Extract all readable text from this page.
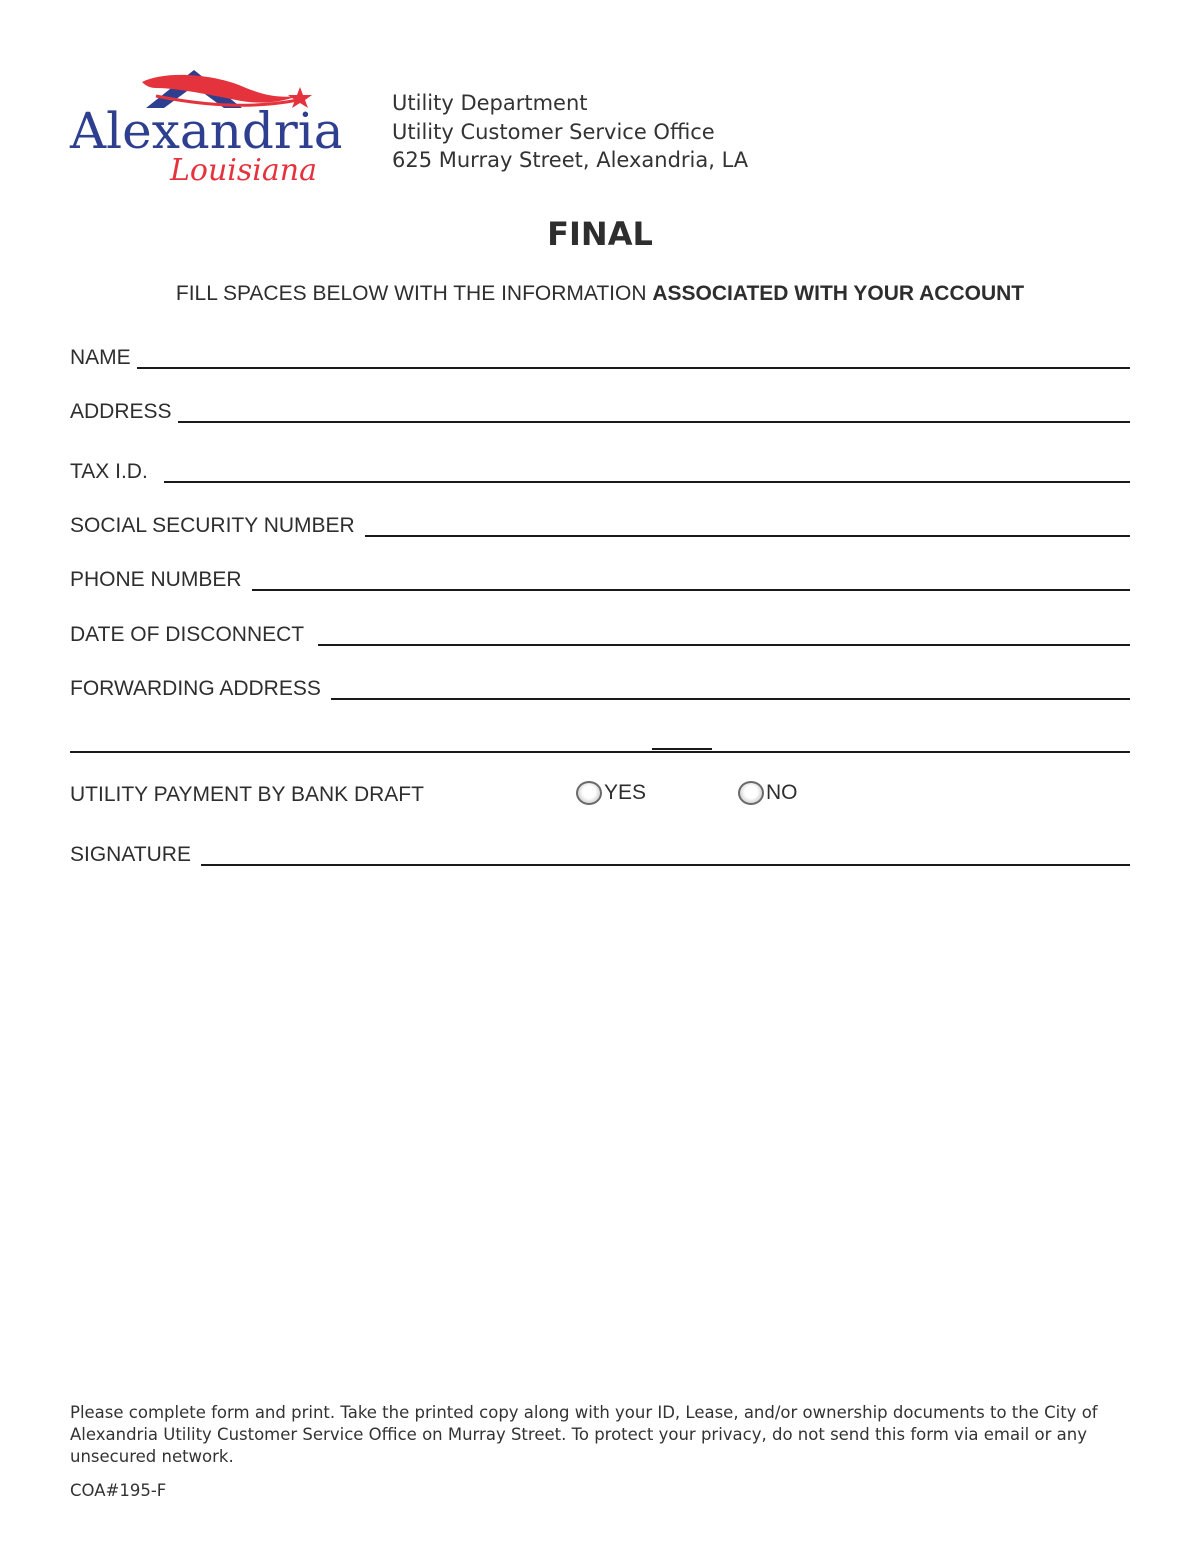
Alexandria
Louisiana
Utility Department
Utility Customer Service Office
625 Murray Street, Alexandria, LA
FINAL
FILL SPACES BELOW WITH THE INFORMATION ASSOCIATED WITH YOUR ACCOUNT
NAME
ADDRESS
TAX I.D.
SOCIAL SECURITY NUMBER
PHONE NUMBER
DATE OF DISCONNECT
FORWARDING ADDRESS
UTILITY PAYMENT BY BANK DRAFT	YES	NO
SIGNATURE
Please complete form and print. Take the printed copy along with your ID, Lease, and/or ownership documents to the City of Alexandria Utility Customer Service Office on Murray Street. To protect your privacy, do not send this form via email or any unsecured network.
COA#195-F
